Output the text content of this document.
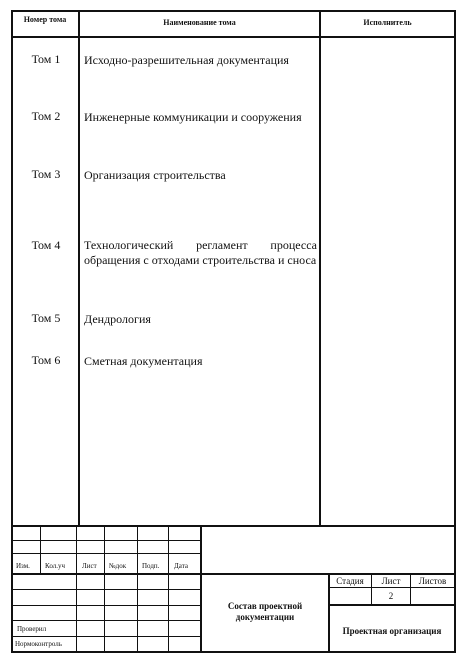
Номер тома	Наименование тома	Исполнитель
Том 1	Исходно-разрешительная документация
Том 2	Инженерные коммуникации и сооружения
Том 3	Организация строительства
Том 4	Технологический регламент процесса обращения с отходами строительства и сноса
Том 5	Дендрология
Том 6	Сметная документация
Изм. Кол.уч Лист №док Подп. Дата
Проверил
Нормоконтроль
Состав проектной документации
Стадия	Лист	Листов
2
Проектная организация
